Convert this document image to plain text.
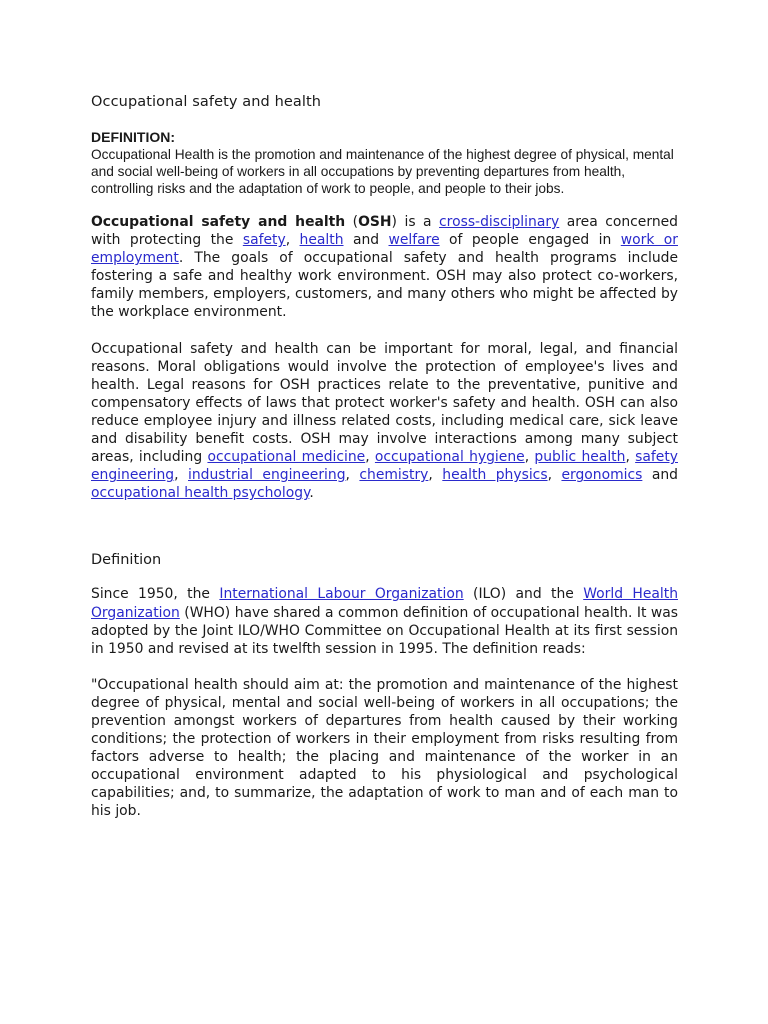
Occupational safety and health

DEFINITION:

Occupational Health is the promotion and maintenance of the highest degree of physical, mental and social well-being of workers in all occupations by preventing departures from health, controlling risks and the adaptation of work to people, and people to their jobs.

Occupational safety and health (OSH) is a cross-disciplinary area concerned with protecting the safety, health and welfare of people engaged in work or employment. The goals of occupational safety and health programs include fostering a safe and healthy work environment. OSH may also protect co-workers, family members, employers, customers, and many others who might be affected by the workplace environment.

Occupational safety and health can be important for moral, legal, and financial reasons. Moral obligations would involve the protection of employee's lives and health. Legal reasons for OSH practices relate to the preventative, punitive and compensatory effects of laws that protect worker's safety and health. OSH can also reduce employee injury and illness related costs, including medical care, sick leave and disability benefit costs. OSH may involve interactions among many subject areas, including occupational medicine, occupational hygiene, public health, safety engineering, industrial engineering, chemistry, health physics, ergonomics and occupational health psychology.

Definition

Since 1950, the International Labour Organization (ILO) and the World Health Organization (WHO) have shared a common definition of occupational health. It was adopted by the Joint ILO/WHO Committee on Occupational Health at its first session in 1950 and revised at its twelfth session in 1995. The definition reads:

"Occupational health should aim at: the promotion and maintenance of the highest degree of physical, mental and social well-being of workers in all occupations; the prevention amongst workers of departures from health caused by their working conditions; the protection of workers in their employment from risks resulting from factors adverse to health; the placing and maintenance of the worker in an occupational environment adapted to his physiological and psychological capabilities; and, to summarize, the adaptation of work to man and of each man to his job.
